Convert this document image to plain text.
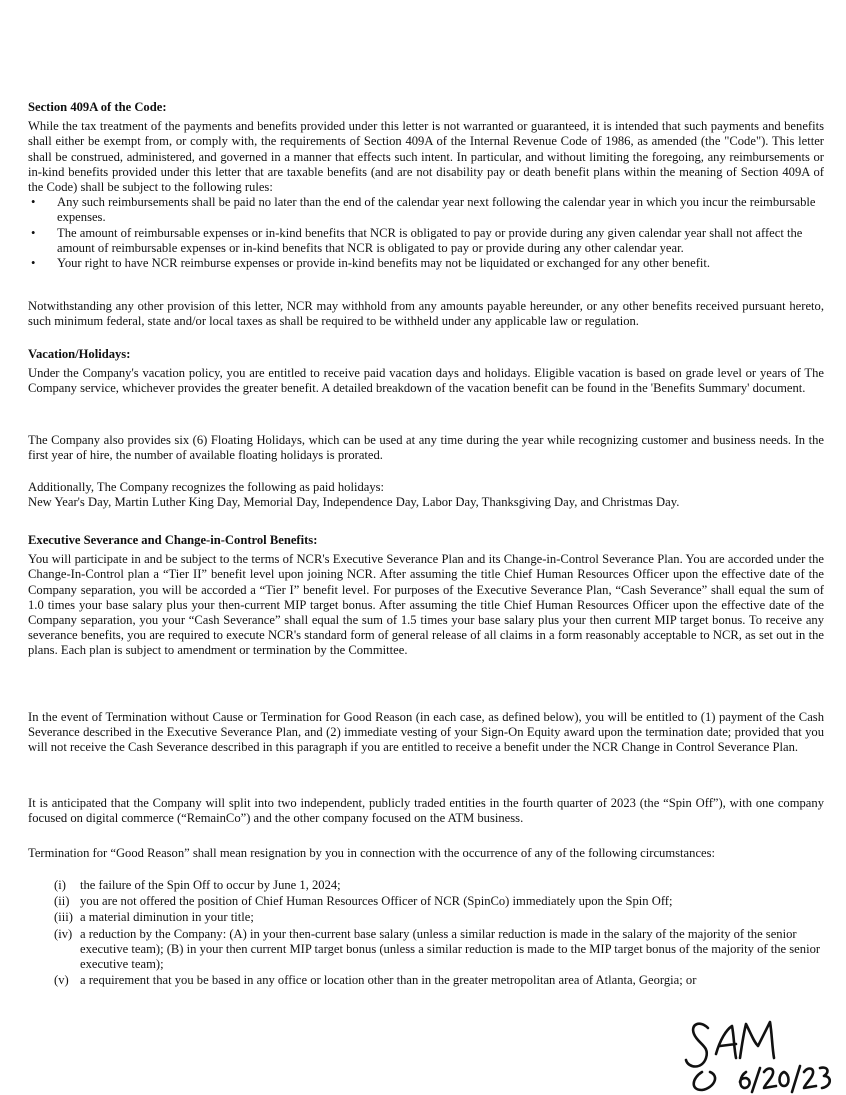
Section 409A of the Code:

While the tax treatment of the payments and benefits provided under this letter is not warranted or guaranteed, it is intended that such payments and benefits shall either be exempt from, or comply with, the requirements of Section 409A of the Internal Revenue Code of 1986, as amended (the "Code"). This letter shall be construed, administered, and governed in a manner that effects such intent. In particular, and without limiting the foregoing, any reimbursements or in-kind benefits provided under this letter that are taxable benefits (and are not disability pay or death benefit plans within the meaning of Section 409A of the Code) shall be subject to the following rules:

• Any such reimbursements shall be paid no later than the end of the calendar year next following the calendar year in which you incur the reimbursable expenses.
• The amount of reimbursable expenses or in-kind benefits that NCR is obligated to pay or provide during any given calendar year shall not affect the amount of reimbursable expenses or in-kind benefits that NCR is obligated to pay or provide during any other calendar year.
• Your right to have NCR reimburse expenses or provide in-kind benefits may not be liquidated or exchanged for any other benefit.

Notwithstanding any other provision of this letter, NCR may withhold from any amounts payable hereunder, or any other benefits received pursuant hereto, such minimum federal, state and/or local taxes as shall be required to be withheld under any applicable law or regulation.

Vacation/Holidays:

Under the Company's vacation policy, you are entitled to receive paid vacation days and holidays. Eligible vacation is based on grade level or years of The Company service, whichever provides the greater benefit. A detailed breakdown of the vacation benefit can be found in the 'Benefits Summary' document.

The Company also provides six (6) Floating Holidays, which can be used at any time during the year while recognizing customer and business needs. In the first year of hire, the number of available floating holidays is prorated.

Additionally, The Company recognizes the following as paid holidays:

New Year's Day, Martin Luther King Day, Memorial Day, Independence Day, Labor Day, Thanksgiving Day, and Christmas Day.

Executive Severance and Change-in-Control Benefits:

You will participate in and be subject to the terms of NCR's Executive Severance Plan and its Change-in-Control Severance Plan. You are accorded under the Change-In-Control plan a “Tier II” benefit level upon joining NCR. After assuming the title Chief Human Resources Officer upon the effective date of the Company separation, you will be accorded a “Tier I” benefit level. For purposes of the Executive Severance Plan, “Cash Severance” shall equal the sum of 1.0 times your base salary plus your then-current MIP target bonus. After assuming the title Chief Human Resources Officer upon the effective date of the Company separation, you your “Cash Severance” shall equal the sum of 1.5 times your base salary plus your then current MIP target bonus. To receive any severance benefits, you are required to execute NCR's standard form of general release of all claims in a form reasonably acceptable to NCR, as set out in the plans. Each plan is subject to amendment or termination by the Committee.

In the event of Termination without Cause or Termination for Good Reason (in each case, as defined below), you will be entitled to (1) payment of the Cash Severance described in the Executive Severance Plan, and (2) immediate vesting of your Sign-On Equity award upon the termination date; provided that you will not receive the Cash Severance described in this paragraph if you are entitled to receive a benefit under the NCR Change in Control Severance Plan.

It is anticipated that the Company will split into two independent, publicly traded entities in the fourth quarter of 2023 (the “Spin Off”), with one company focused on digital commerce (“RemainCo”) and the other company focused on the ATM business.

Termination for “Good Reason” shall mean resignation by you in connection with the occurrence of any of the following circumstances:

(i) the failure of the Spin Off to occur by June 1, 2024;
(ii) you are not offered the position of Chief Human Resources Officer of NCR (SpinCo) immediately upon the Spin Off;
(iii) a material diminution in your title;
(iv) a reduction by the Company: (A) in your then-current base salary (unless a similar reduction is made in the salary of the majority of the senior executive team); (B) in your then current MIP target bonus (unless a similar reduction is made to the MIP target bonus of the majority of the senior executive team);
(v) a requirement that you be based in any office or location other than in the greater metropolitan area of Atlanta, Georgia; or
